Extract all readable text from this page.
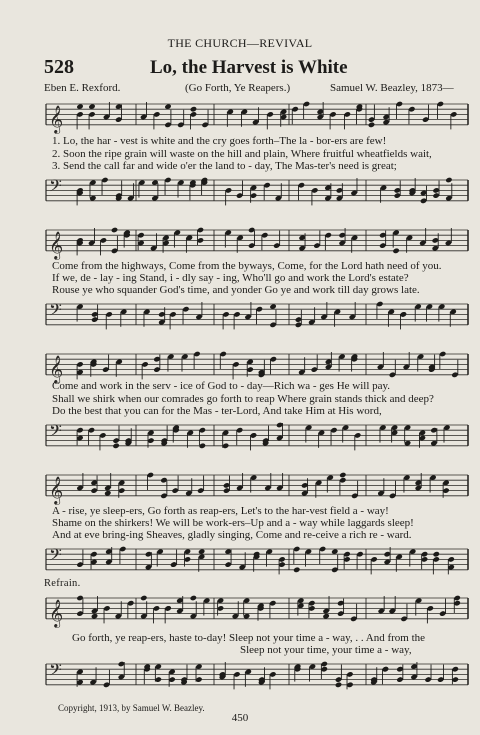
THE CHURCH—REVIVAL
528	Lo, the Harvest is White
Eben E. Rexford.	(Go Forth, Ye Reapers.)	Samuel W. Beazley, 1873—
𝄞
1. Lo, the har - vest is white and the cry goes forth–The la - bor-ers are few!
2. Soon the ripe grain will waste on the hill and plain, Where fruitful wheatfields wait,
3. Send the call far and wide o'er the land to - day, The Mas-ter's need is great;
𝄢
𝄞
Come from the highways, Come from the byways, Come, for the Lord hath need of you.
If we, de - lay - ing Stand, i - dly say - ing, Who'll go and work the Lord's estate?
Rouse ye who squander God's time, and yonder Go ye and work till day grows late.
𝄢
𝄞
Come and work in the serv - ice of God to - day—Rich wa - ges He will pay.
Shall we shirk when our comrades go forth to reap Where grain stands thick and deep?
Do the best that you can for the Mas - ter-Lord, And take Him at His word,
𝄢
𝄞
A - rise, ye sleep-ers, Go forth as reap-ers, Let's to the har-vest field a - way!
Shame on the shirkers! We will be work-ers–Up and a - way while laggards sleep!
And at eve bring-ing Sheaves, gladly singing, Come and re-ceive a rich re - ward.
𝄢
Refrain.
𝄞
Go forth, ye reap-ers, haste to-day! Sleep not your time a - way, . . And from the
Sleep not your time, your time a - way,
𝄢
Copyright, 1913, by Samuel W. Beazley.
450
